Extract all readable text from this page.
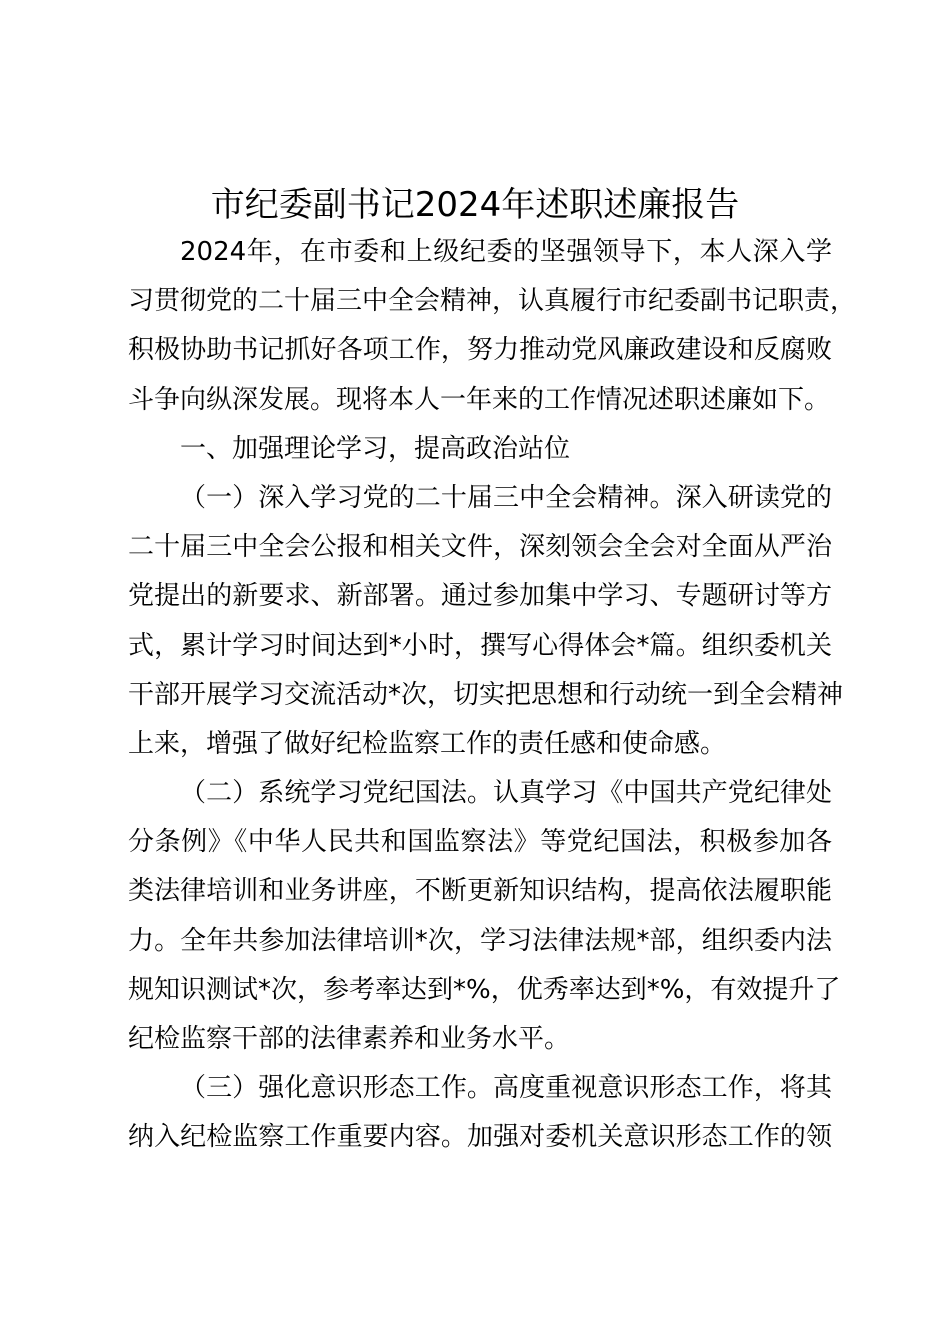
市纪委副书记2024年述职述廉报告
2024年，在市委和上级纪委的坚强领导下，本人深入学
习贯彻党的二十届三中全会精神，认真履行市纪委副书记职责，
积极协助书记抓好各项工作，努力推动党风廉政建设和反腐败
斗争向纵深发展。现将本人一年来的工作情况述职述廉如下。
一、加强理论学习，提高政治站位
（一）深入学习党的二十届三中全会精神。深入研读党的
二十届三中全会公报和相关文件，深刻领会全会对全面从严治
党提出的新要求、新部署。通过参加集中学习、专题研讨等方
式，累计学习时间达到*小时，撰写心得体会*篇。组织委机关
干部开展学习交流活动*次，切实把思想和行动统一到全会精神
上来，增强了做好纪检监察工作的责任感和使命感。
（二）系统学习党纪国法。认真学习《中国共产党纪律处
分条例》《中华人民共和国监察法》等党纪国法，积极参加各
类法律培训和业务讲座，不断更新知识结构，提高依法履职能
力。全年共参加法律培训*次，学习法律法规*部，组织委内法
规知识测试*次，参考率达到*%，优秀率达到*%，有效提升了
纪检监察干部的法律素养和业务水平。
（三）强化意识形态工作。高度重视意识形态工作，将其
纳入纪检监察工作重要内容。加强对委机关意识形态工作的领
